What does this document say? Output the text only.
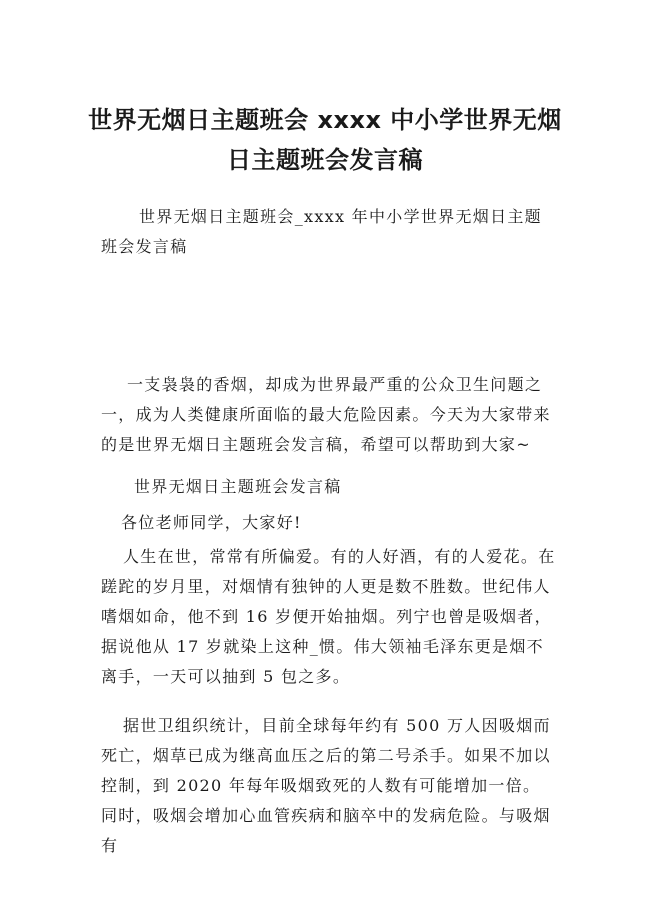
世界无烟日主题班会 xxxx 中小学世界无烟
日主题班会发言稿

世界无烟日主题班会_xxxx 年中小学世界无烟日主题班会发言稿

一支袅袅的香烟，却成为世界最严重的公众卫生问题之一，成为人类健康所面临的最大危险因素。今天为大家带来的是世界无烟日主题班会发言稿，希望可以帮助到大家~

世界无烟日主题班会发言稿

各位老师同学，大家好!

人生在世，常常有所偏爱。有的人好酒，有的人爱花。在蹉跎的岁月里，对烟情有独钟的人更是数不胜数。世纪伟人嗜烟如命，他不到 16 岁便开始抽烟。列宁也曾是吸烟者，据说他从 17 岁就染上这种_惯。伟大领袖毛泽东更是烟不离手，一天可以抽到 5 包之多。

据世卫组织统计，目前全球每年约有 500 万人因吸烟而死亡，烟草已成为继高血压之后的第二号杀手。如果不加以控制，到 2020 年每年吸烟致死的人数有可能增加一倍。同时，吸烟会增加心血管疾病和脑卒中的发病危险。与吸烟有
